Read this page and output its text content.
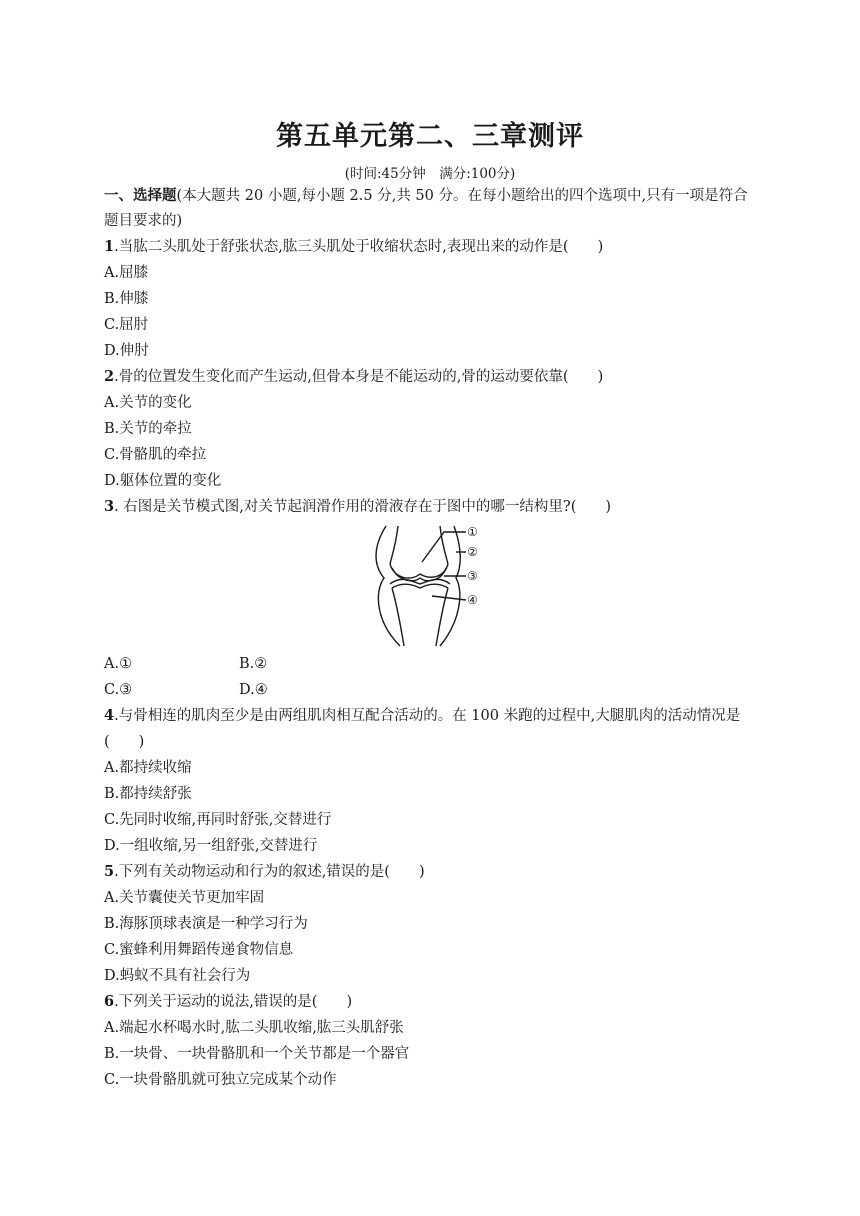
第五单元第二、三章测评
(时间:45分钟　满分:100分)
一、选择题(本大题共 20 小题,每小题 2.5 分,共 50 分。在每小题给出的四个选项中,只有一项是符合
题目要求的)
1.当肱二头肌处于舒张状态,肱三头肌处于收缩状态时,表现出来的动作是(　　)
A.屈膝
B.伸膝
C.屈肘
D.伸肘
2.骨的位置发生变化而产生运动,但骨本身是不能运动的,骨的运动要依靠(　　)
A.关节的变化
B.关节的牵拉
C.骨骼肌的牵拉
D.躯体位置的变化
3. 右图是关节模式图,对关节起润滑作用的滑液存在于图中的哪一结构里?(　　)
①
②
③
④
A.①	B.②
C.③	D.④
4.与骨相连的肌肉至少是由两组肌肉相互配合活动的。在 100 米跑的过程中,大腿肌肉的活动情况是
(　　)
A.都持续收缩
B.都持续舒张
C.先同时收缩,再同时舒张,交替进行
D.一组收缩,另一组舒张,交替进行
5.下列有关动物运动和行为的叙述,错误的是(　　)
A.关节囊使关节更加牢固
B.海豚顶球表演是一种学习行为
C.蜜蜂利用舞蹈传递食物信息
D.蚂蚁不具有社会行为
6.下列关于运动的说法,错误的是(　　)
A.端起水杯喝水时,肱二头肌收缩,肱三头肌舒张
B.一块骨、一块骨骼肌和一个关节都是一个器官
C.一块骨骼肌就可独立完成某个动作
